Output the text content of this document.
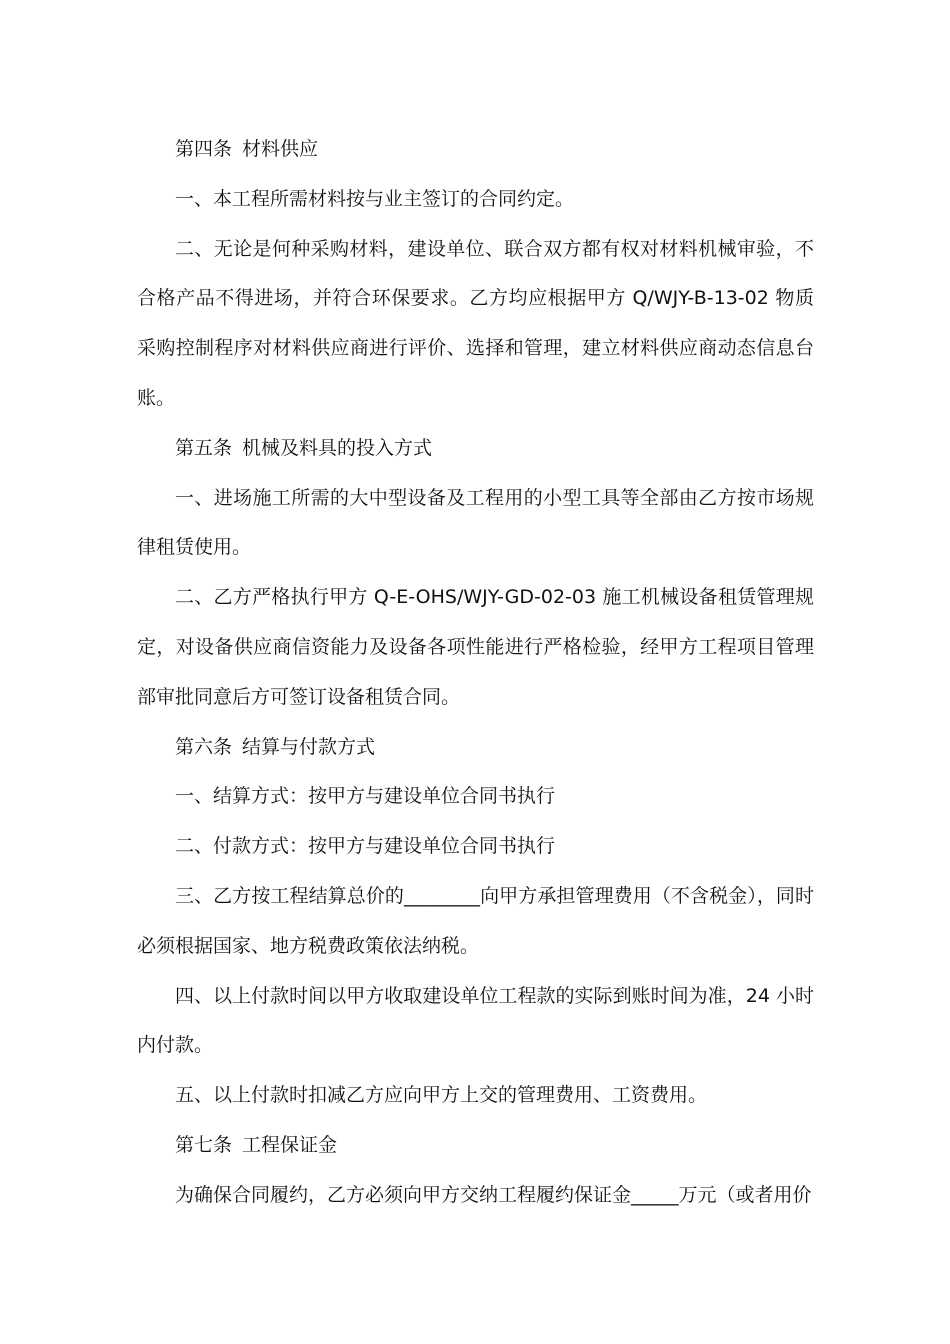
第四条 材料供应

一、本工程所需材料按与业主签订的合同约定。

二、无论是何种采购材料，建设单位、联合双方都有权对材料机械审验，不合格产品不得进场，并符合环保要求。乙方均应根据甲方 Q/WJY-B-13-02 物质采购控制程序对材料供应商进行评价、选择和管理，建立材料供应商动态信息台账。

第五条 机械及料具的投入方式

一、进场施工所需的大中型设备及工程用的小型工具等全部由乙方按市场规律租赁使用。

二、乙方严格执行甲方 Q-E-OHS/WJY-GD-02-03 施工机械设备租赁管理规定，对设备供应商信资能力及设备各项性能进行严格检验，经甲方工程项目管理部审批同意后方可签订设备租赁合同。

第六条 结算与付款方式

一、结算方式：按甲方与建设单位合同书执行

二、付款方式：按甲方与建设单位合同书执行

三、乙方按工程结算总价的________向甲方承担管理费用（不含税金），同时必须根据国家、地方税费政策依法纳税。

四、以上付款时间以甲方收取建设单位工程款的实际到账时间为准，24 小时内付款。

五、以上付款时扣减乙方应向甲方上交的管理费用、工资费用。

第七条 工程保证金

为确保合同履约，乙方必须向甲方交纳工程履约保证金_____万元（或者用价
